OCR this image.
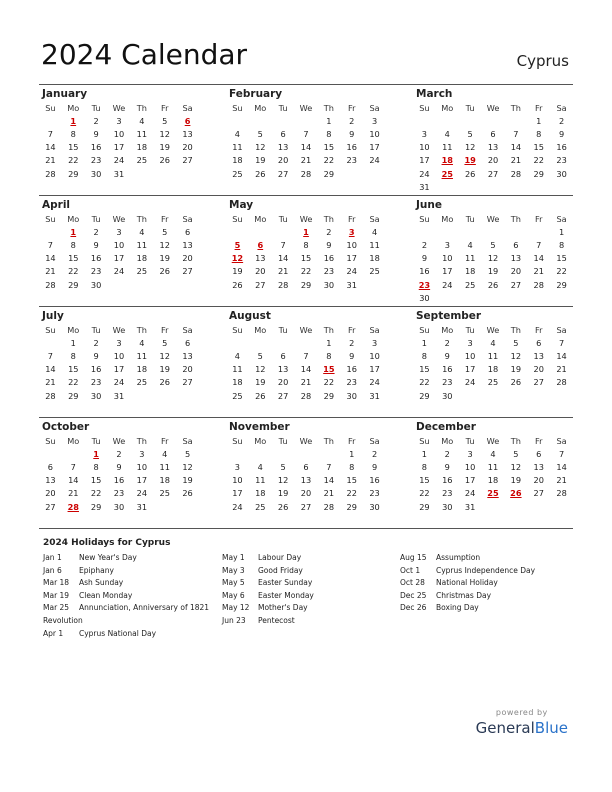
2024 Calendar	Cyprus
January
Su	Mo	Tu	We	Th	Fr	Sa
	1	2	3	4	5	6
7	8	9	10	11	12	13
14	15	16	17	18	19	20
21	22	23	24	25	26	27
28	29	30	31			
February
Su	Mo	Tu	We	Th	Fr	Sa
				1	2	3
4	5	6	7	8	9	10
11	12	13	14	15	16	17
18	19	20	21	22	23	24
25	26	27	28	29		
March
Su	Mo	Tu	We	Th	Fr	Sa
					1	2
3	4	5	6	7	8	9
10	11	12	13	14	15	16
17	18	19	20	21	22	23
24	25	26	27	28	29	30
31						
April
Su	Mo	Tu	We	Th	Fr	Sa
	1	2	3	4	5	6
7	8	9	10	11	12	13
14	15	16	17	18	19	20
21	22	23	24	25	26	27
28	29	30				
May
Su	Mo	Tu	We	Th	Fr	Sa
			1	2	3	4
5	6	7	8	9	10	11
12	13	14	15	16	17	18
19	20	21	22	23	24	25
26	27	28	29	30	31	
June
Su	Mo	Tu	We	Th	Fr	Sa
						1
2	3	4	5	6	7	8
9	10	11	12	13	14	15
16	17	18	19	20	21	22
23	24	25	26	27	28	29
30						
July
Su	Mo	Tu	We	Th	Fr	Sa
	1	2	3	4	5	6
7	8	9	10	11	12	13
14	15	16	17	18	19	20
21	22	23	24	25	26	27
28	29	30	31			
August
Su	Mo	Tu	We	Th	Fr	Sa
				1	2	3
4	5	6	7	8	9	10
11	12	13	14	15	16	17
18	19	20	21	22	23	24
25	26	27	28	29	30	31
September
Su	Mo	Tu	We	Th	Fr	Sa
1	2	3	4	5	6	7
8	9	10	11	12	13	14
15	16	17	18	19	20	21
22	23	24	25	26	27	28
29	30					
October
Su	Mo	Tu	We	Th	Fr	Sa
		1	2	3	4	5
6	7	8	9	10	11	12
13	14	15	16	17	18	19
20	21	22	23	24	25	26
27	28	29	30	31		
November
Su	Mo	Tu	We	Th	Fr	Sa
					1	2
3	4	5	6	7	8	9
10	11	12	13	14	15	16
17	18	19	20	21	22	23
24	25	26	27	28	29	30
December
Su	Mo	Tu	We	Th	Fr	Sa
1	2	3	4	5	6	7
8	9	10	11	12	13	14
15	16	17	18	19	20	21
22	23	24	25	26	27	28
29	30	31				
2024 Holidays for Cyprus
Jan 1 New Year's Day
Jan 6 Epiphany
Mar 18 Ash Sunday
Mar 19 Clean Monday
Mar 25 Annunciation, Anniversary of 1821 Revolution
Apr 1 Cyprus National Day
May 1 Labour Day
May 3 Good Friday
May 5 Easter Sunday
May 6 Easter Monday
May 12 Mother's Day
Jun 23 Pentecost
Aug 15 Assumption
Oct 1 Cyprus Independence Day
Oct 28 National Holiday
Dec 25 Christmas Day
Dec 26 Boxing Day
powered by
GeneralBlue
